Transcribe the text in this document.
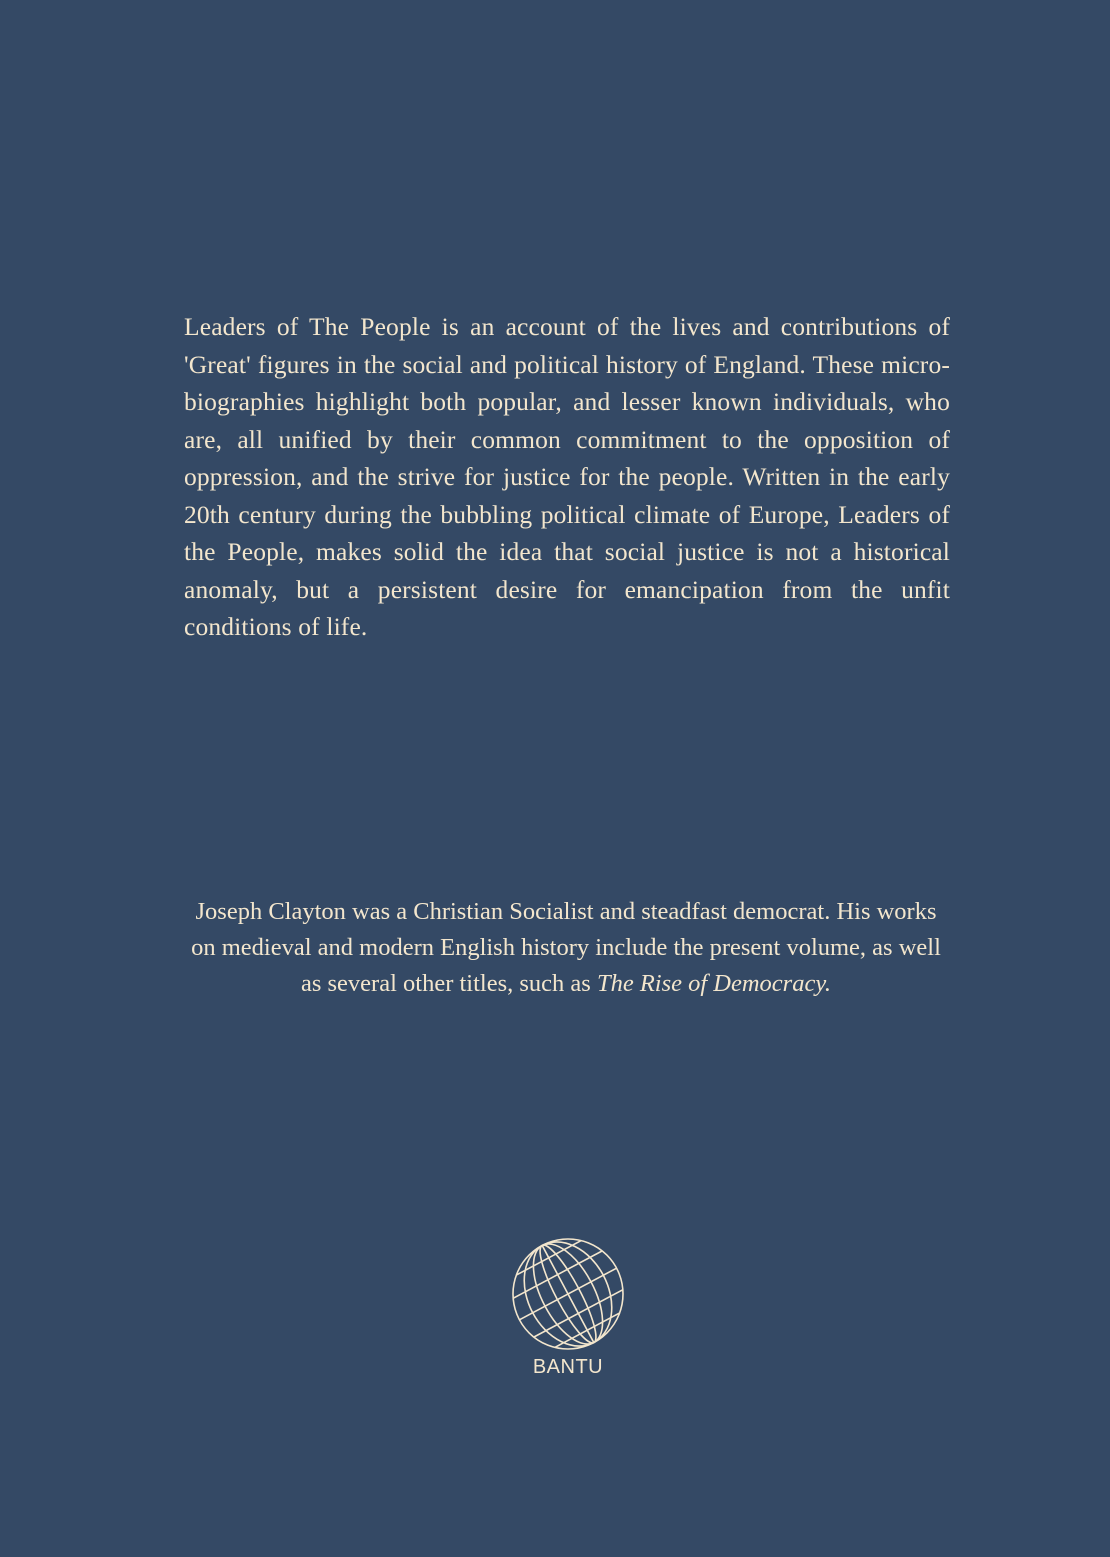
Leaders of The People is an account of the lives and contributions of 'Great' figures in the social and political history of England. These micro-biographies highlight both popular, and lesser known individuals, who are, all unified by their common commitment to the opposition of oppression, and the strive for justice for the people. Written in the early 20th century during the bubbling political climate of Europe, Leaders of the People, makes solid the idea that social justice is not a historical anomaly, but a persistent desire for emancipation from the unfit conditions of life.

Joseph Clayton was a Christian Socialist and steadfast democrat. His works on medieval and modern English history include the present volume, as well as several other titles, such as The Rise of Democracy.

BANTU
